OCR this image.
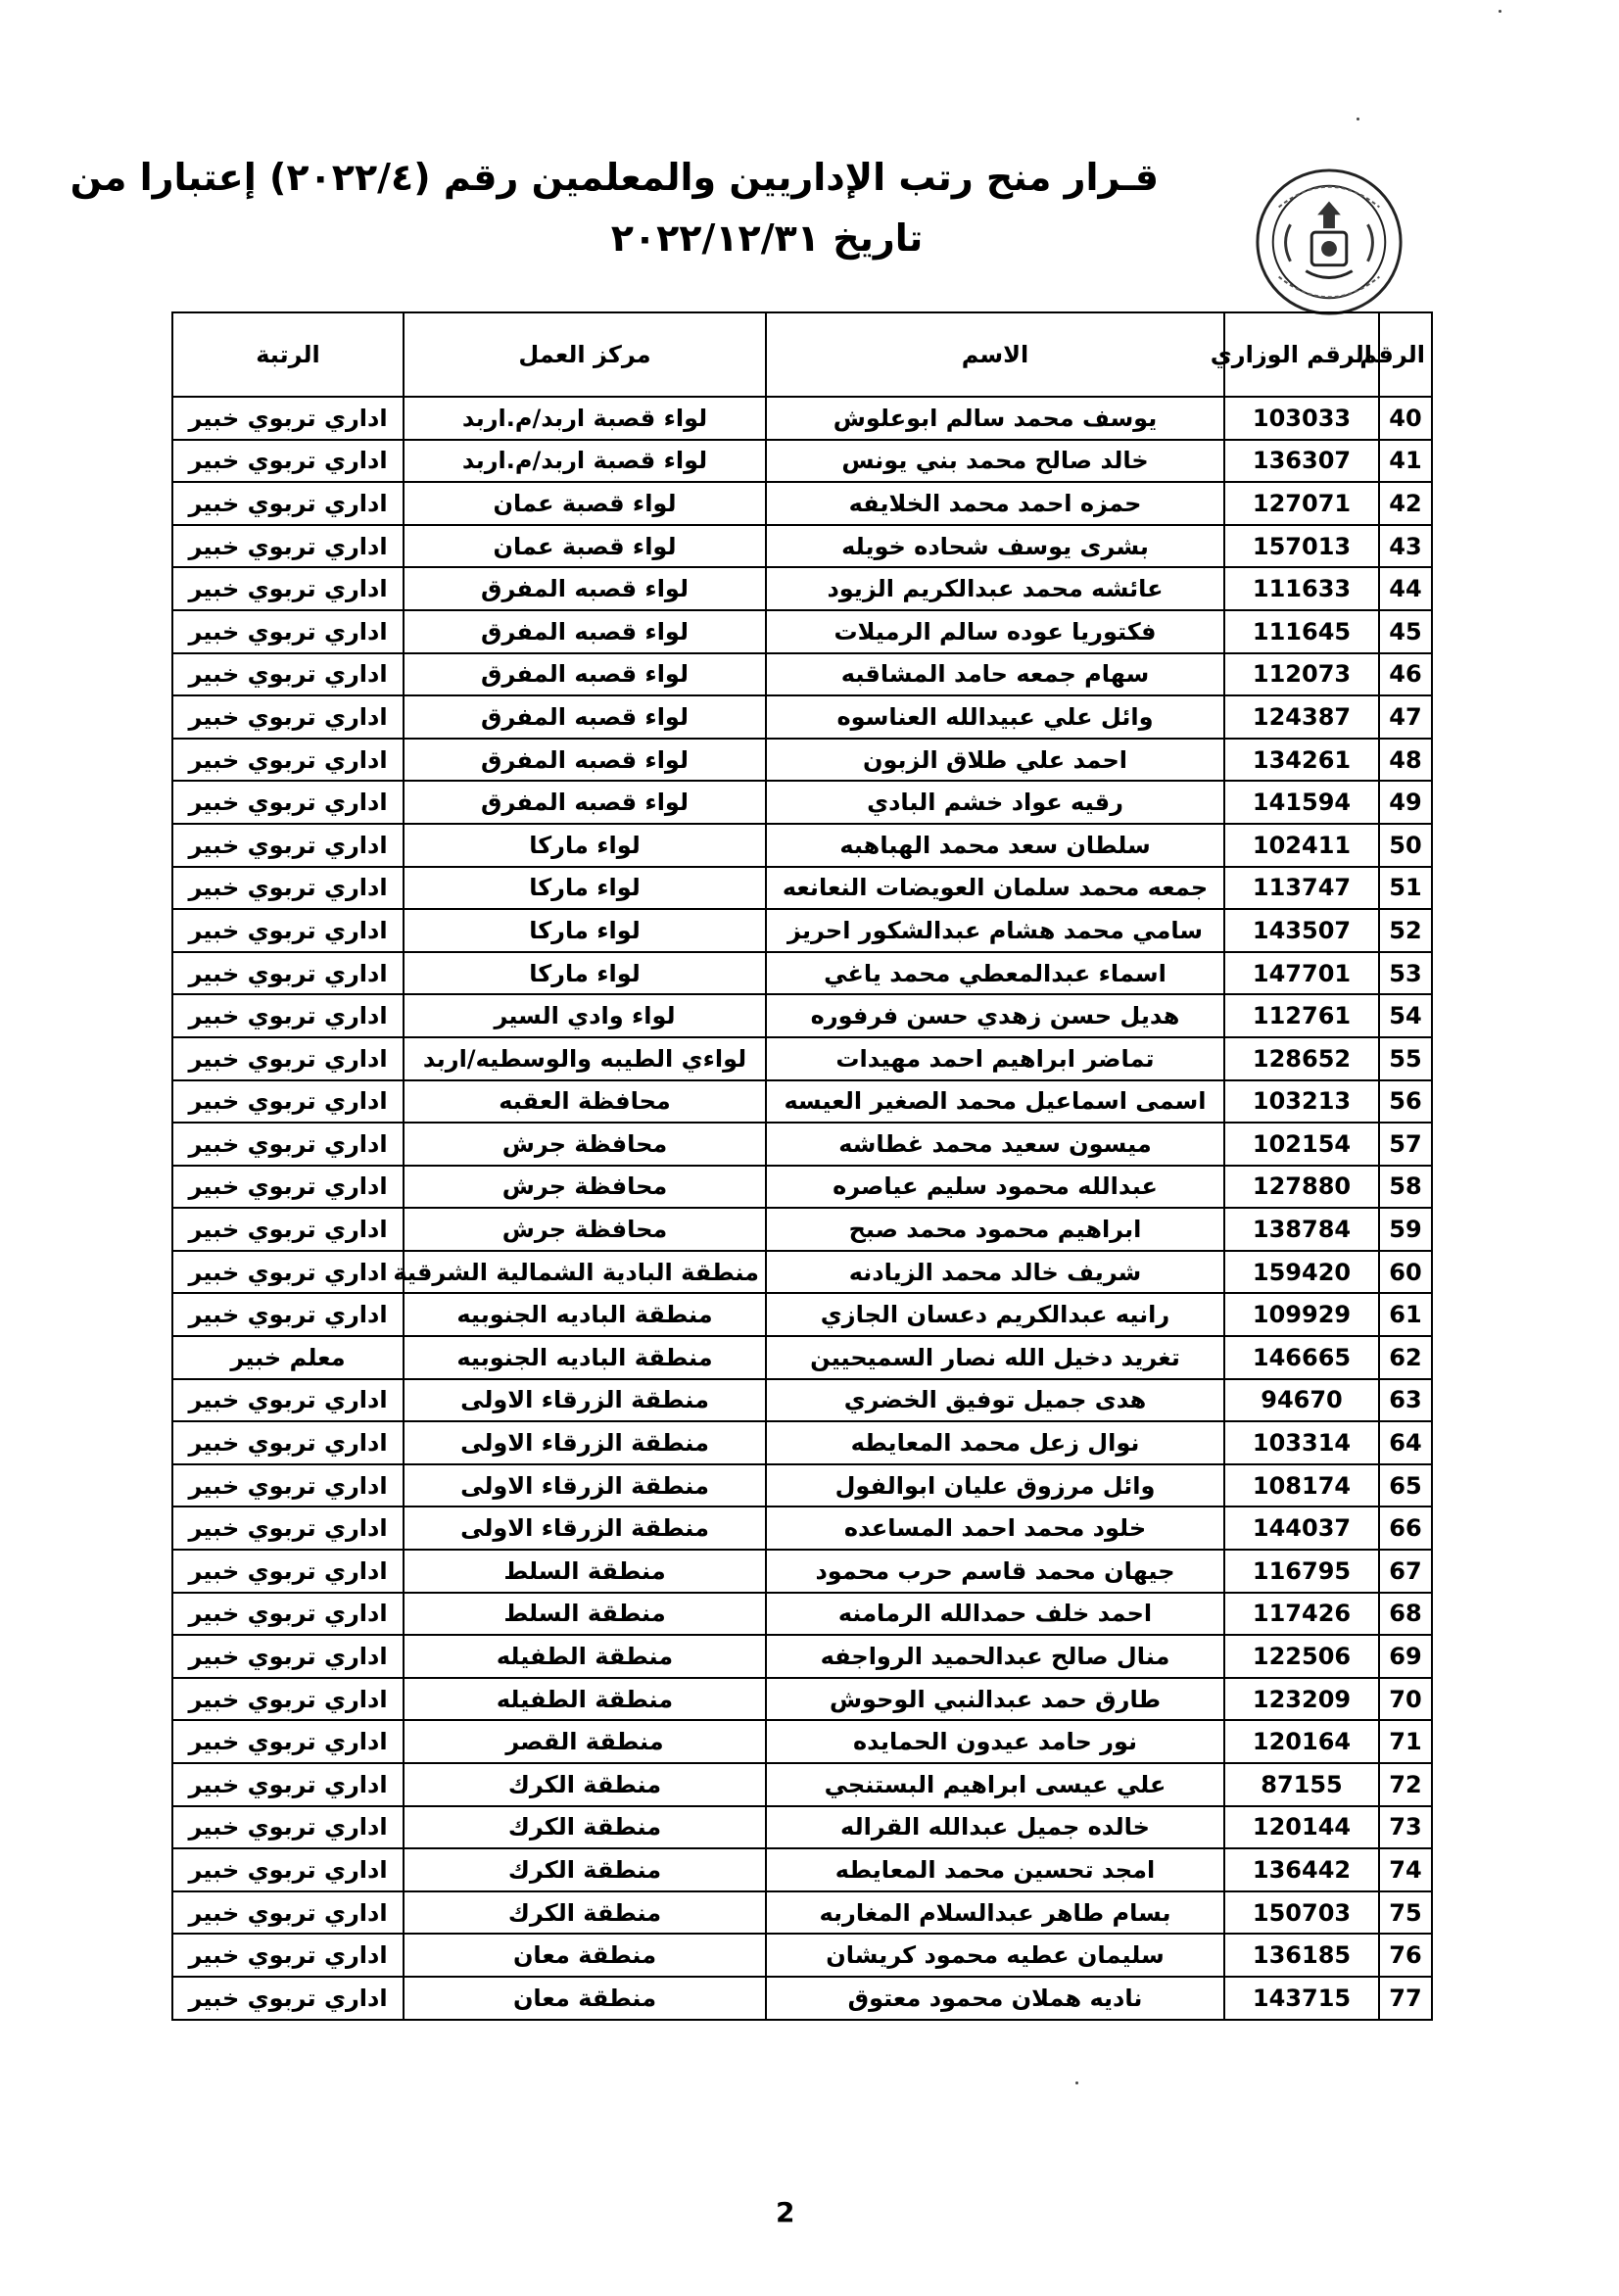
قـرار منح رتب الإداريين والمعلمين رقم (٢٠٢٢/٤) إعتبارا من
تاريخ ٢٠٢٢/١٢/٣١
الرقم	الرقم الوزاري	الاسم	مركز العمل	الرتبة
40	103033	يوسف محمد سالم ابوعلوش	لواء قصبة اربد/م.اربد	اداري تربوي خبير
41	136307	خالد صالح محمد بني يونس	لواء قصبة اربد/م.اربد	اداري تربوي خبير
42	127071	حمزه احمد محمد الخلايفه	لواء قصبة عمان	اداري تربوي خبير
43	157013	بشرى يوسف شحاده خويله	لواء قصبة عمان	اداري تربوي خبير
44	111633	عائشه محمد عبدالكريم الزيود	لواء قصبه المفرق	اداري تربوي خبير
45	111645	فكتوريا عوده سالم الرميلات	لواء قصبه المفرق	اداري تربوي خبير
46	112073	سهام جمعه حامد المشاقبه	لواء قصبه المفرق	اداري تربوي خبير
47	124387	وائل علي عبيدالله العناسوه	لواء قصبه المفرق	اداري تربوي خبير
48	134261	احمد علي طلاق الزبون	لواء قصبه المفرق	اداري تربوي خبير
49	141594	رقيه عواد خشم البادي	لواء قصبه المفرق	اداري تربوي خبير
50	102411	سلطان سعد محمد الهباهبه	لواء ماركا	اداري تربوي خبير
51	113747	جمعه محمد سلمان العويضات النعانعه	لواء ماركا	اداري تربوي خبير
52	143507	سامي محمد هشام عبدالشكور احريز	لواء ماركا	اداري تربوي خبير
53	147701	اسماء عبدالمعطي محمد ياغي	لواء ماركا	اداري تربوي خبير
54	112761	هديل حسن زهدي حسن فرفوره	لواء وادي السير	اداري تربوي خبير
55	128652	تماضر ابراهيم احمد مهيدات	لواءي الطيبه والوسطيه/اربد	اداري تربوي خبير
56	103213	اسمى اسماعيل محمد الصغير العيسه	محافظة العقبه	اداري تربوي خبير
57	102154	ميسون سعيد محمد غطاشه	محافظة جرش	اداري تربوي خبير
58	127880	عبدالله محمود سليم عياصره	محافظة جرش	اداري تربوي خبير
59	138784	ابراهيم محمود محمد صبح	محافظة جرش	اداري تربوي خبير
60	159420	شريف خالد محمد الزيادنه	منطقة البادية الشمالية الشرقية	اداري تربوي خبير
61	109929	رانيه عبدالكريم دعسان الجازي	منطقة الباديه الجنوبيه	اداري تربوي خبير
62	146665	تغريد دخيل الله نصار السميحيين	منطقة الباديه الجنوبيه	معلم خبير
63	94670	هدى جميل توفيق الخضري	منطقة الزرقاء الاولى	اداري تربوي خبير
64	103314	نوال زعل محمد المعايطه	منطقة الزرقاء الاولى	اداري تربوي خبير
65	108174	وائل مرزوق عليان ابوالفول	منطقة الزرقاء الاولى	اداري تربوي خبير
66	144037	خلود محمد احمد المساعده	منطقة الزرقاء الاولى	اداري تربوي خبير
67	116795	جيهان محمد قاسم حرب محمود	منطقة السلط	اداري تربوي خبير
68	117426	احمد خلف حمدالله الرمامنه	منطقة السلط	اداري تربوي خبير
69	122506	منال صالح عبدالحميد الرواجفه	منطقة الطفيله	اداري تربوي خبير
70	123209	طارق حمد عبدالنبي الوحوش	منطقة الطفيله	اداري تربوي خبير
71	120164	نور حامد عيدون الحمايده	منطقة القصر	اداري تربوي خبير
72	87155	علي عيسى ابراهيم البستنجي	منطقة الكرك	اداري تربوي خبير
73	120144	خالده جميل عبدالله القراله	منطقة الكرك	اداري تربوي خبير
74	136442	امجد تحسين محمد المعايطه	منطقة الكرك	اداري تربوي خبير
75	150703	بسام طاهر عبدالسلام المغاربه	منطقة الكرك	اداري تربوي خبير
76	136185	سليمان عطيه محمود كريشان	منطقة معان	اداري تربوي خبير
77	143715	ناديه هملان محمود معتوق	منطقة معان	اداري تربوي خبير
2
